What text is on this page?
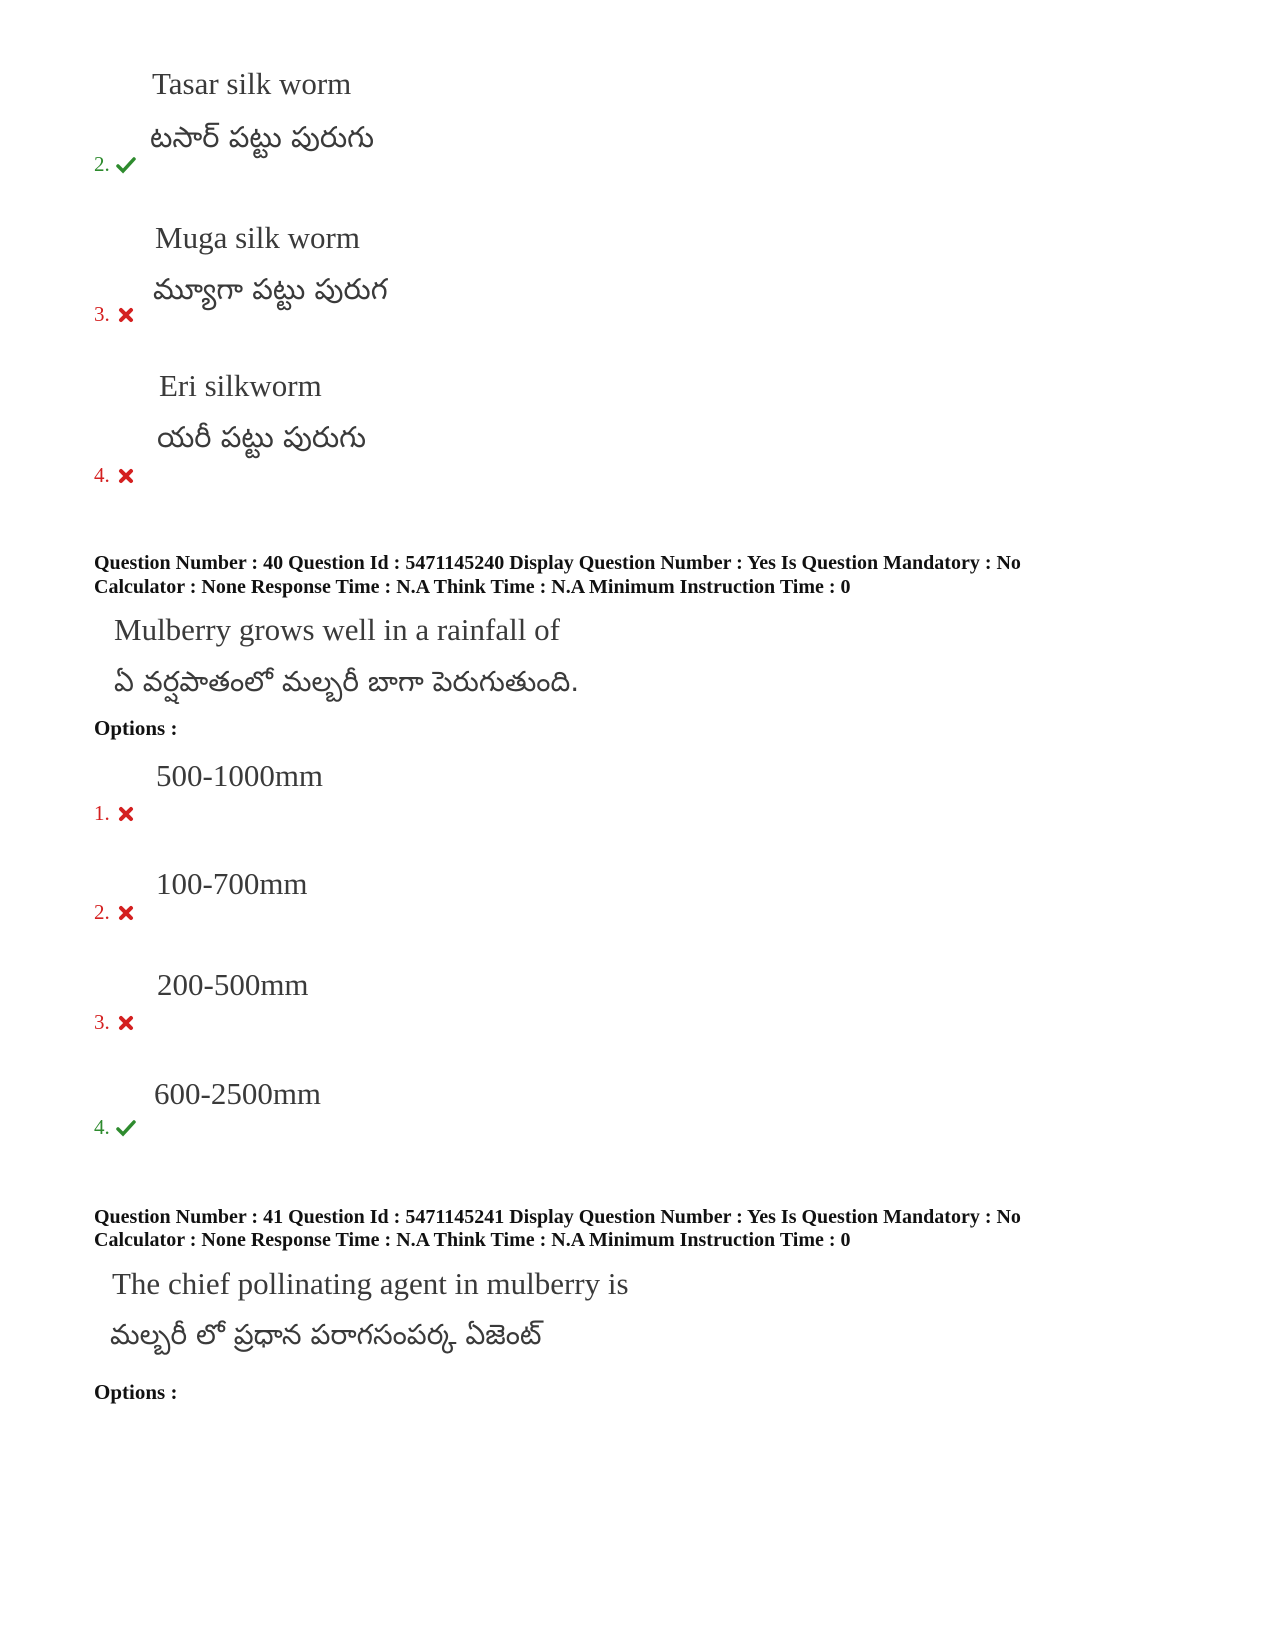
Tasar silk worm
టసార్ పట్టు పురుగు
2.
Muga silk worm
మ్యూగా పట్టు పురుగ
3.
Eri silkworm
యరీ పట్టు పురుగు
4.
Question Number : 40 Question Id : 5471145240 Display Question Number : Yes Is Question Mandatory : No
Calculator : None Response Time : N.A Think Time : N.A Minimum Instruction Time : 0
Mulberry grows well in a rainfall of
ఏ వర్షపాతంలో మల్బరీ బాగా పెరుగుతుంది.
Options :
500-1000mm
1.
100-700mm
2.
200-500mm
3.
600-2500mm
4.
Question Number : 41 Question Id : 5471145241 Display Question Number : Yes Is Question Mandatory : No
Calculator : None Response Time : N.A Think Time : N.A Minimum Instruction Time : 0
The chief pollinating agent in mulberry is
మల్బరీ లో ప్రధాన పరాగసంపర్క ఏజెంట్
Options :
